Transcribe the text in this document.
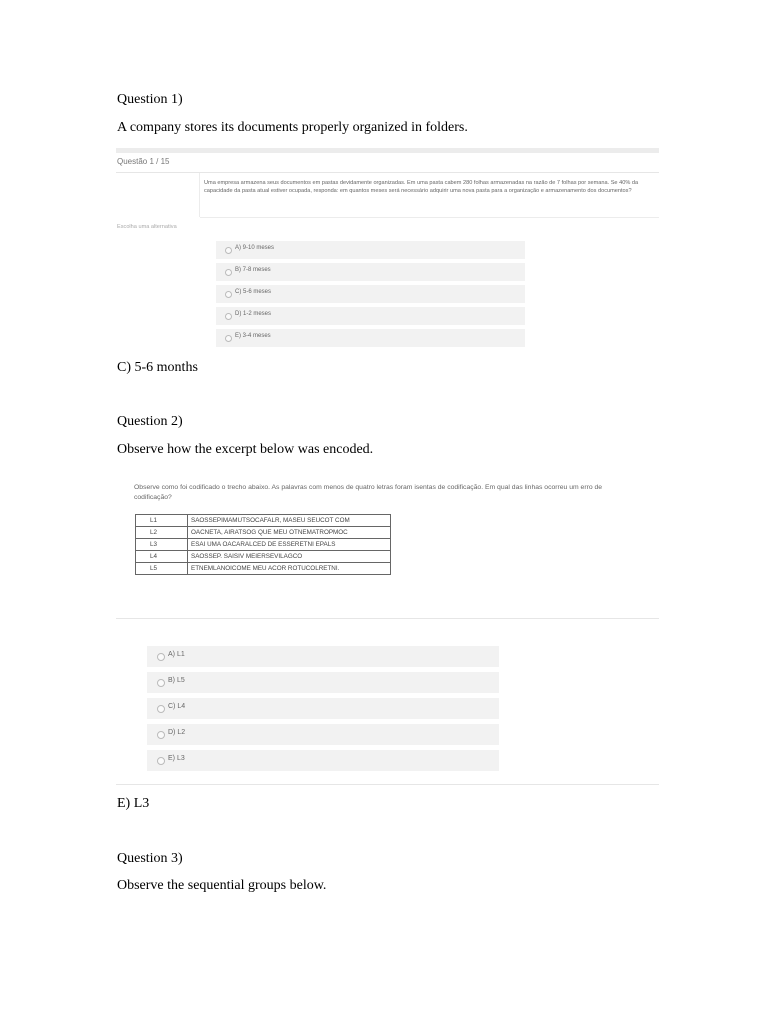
Question 1)
A company stores its documents properly organized in folders.
Questão 1 / 15
Uma empresa armazena seus documentos em pastas devidamente organizadas. Em uma pasta cabem 280 folhas armazenadas na razão de 7 folhas por semana. Se 40% da capacidade da pasta atual estiver ocupada, responda: em quantos meses será necessário adquirir uma nova pasta para a organização e armazenamento dos documentos?
Escolha uma alternativa
A) 9-10 meses
B) 7-8 meses
C) 5-6 meses
D) 1-2 meses
E) 3-4 meses
C) 5-6 months
Question 2)
Observe how the excerpt below was encoded.
Observe como foi codificado o trecho abaixo. As palavras com menos de quatro letras foram isentas de codificação. Em qual das linhas ocorreu um erro de codificação?
L1	SAOSSEPIMAMUTSOCAFALR, MASEU SEUCOT COM
L2	OACNETA, AIRATSOG QUE MEU OTNEMATROPMOC
L3	ESAI UMA OACARALCED DE ESSERETNI EPALS
L4	SAOSSEP. SAISIV MEIERSEVILAGCO
L5	ETNEMLANOICOME MEU ACOR ROTUCOLRETNI.
A) L1
B) L5
C) L4
D) L2
E) L3
E) L3
Question 3)
Observe the sequential groups below.
